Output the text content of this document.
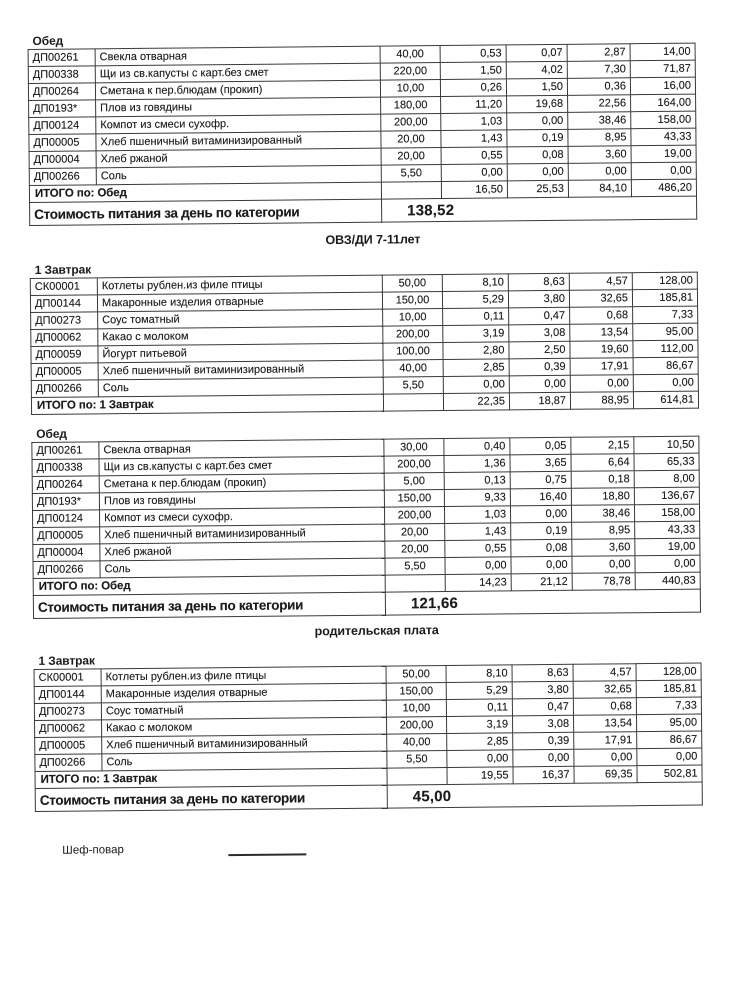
Обед
ДП00261	Свекла отварная	40,00	0,53	0,07	2,87	14,00
ДП00338	Щи из св.капусты с карт.без смет	220,00	1,50	4,02	7,30	71,87
ДП00264	Сметана к пер.блюдам (прокип)	10,00	0,26	1,50	0,36	16,00
ДП0193*	Плов из говядины	180,00	11,20	19,68	22,56	164,00
ДП00124	Компот из смеси сухофр.	200,00	1,03	0,00	38,46	158,00
ДП00005	Хлеб пшеничный витаминизированный	20,00	1,43	0,19	8,95	43,33
ДП00004	Хлеб ржаной	20,00	0,55	0,08	3,60	19,00
ДП00266	Соль	5,50	0,00	0,00	0,00	0,00
ИТОГО по: Обед			16,50	25,53	84,10	486,20
Стоимость питания за день по категории		138,52				
ОВЗ/ДИ 7-11лет
1 Завтрак
СК00001	Котлеты рублен.из филе птицы	50,00	8,10	8,63	4,57	128,00
ДП00144	Макаронные изделия отварные	150,00	5,29	3,80	32,65	185,81
ДП00273	Соус томатный	10,00	0,11	0,47	0,68	7,33
ДП00062	Какао с молоком	200,00	3,19	3,08	13,54	95,00
ДП00059	Йогурт питьевой	100,00	2,80	2,50	19,60	112,00
ДП00005	Хлеб пшеничный витаминизированный	40,00	2,85	0,39	17,91	86,67
ДП00266	Соль	5,50	0,00	0,00	0,00	0,00
ИТОГО по: 1 Завтрак			22,35	18,87	88,95	614,81
Обед
ДП00261	Свекла отварная	30,00	0,40	0,05	2,15	10,50
ДП00338	Щи из св.капусты с карт.без смет	200,00	1,36	3,65	6,64	65,33
ДП00264	Сметана к пер.блюдам (прокип)	5,00	0,13	0,75	0,18	8,00
ДП0193*	Плов из говядины	150,00	9,33	16,40	18,80	136,67
ДП00124	Компот из смеси сухофр.	200,00	1,03	0,00	38,46	158,00
ДП00005	Хлеб пшеничный витаминизированный	20,00	1,43	0,19	8,95	43,33
ДП00004	Хлеб ржаной	20,00	0,55	0,08	3,60	19,00
ДП00266	Соль	5,50	0,00	0,00	0,00	0,00
ИТОГО по: Обед			14,23	21,12	78,78	440,83
Стоимость питания за день по категории		121,66				
родительская плата
1 Завтрак
СК00001	Котлеты рублен.из филе птицы	50,00	8,10	8,63	4,57	128,00
ДП00144	Макаронные изделия отварные	150,00	5,29	3,80	32,65	185,81
ДП00273	Соус томатный	10,00	0,11	0,47	0,68	7,33
ДП00062	Какао с молоком	200,00	3,19	3,08	13,54	95,00
ДП00005	Хлеб пшеничный витаминизированный	40,00	2,85	0,39	17,91	86,67
ДП00266	Соль	5,50	0,00	0,00	0,00	0,00
ИТОГО по: 1 Завтрак			19,55	16,37	69,35	502,81
Стоимость питания за день по категории		45,00				
Шеф-повар
